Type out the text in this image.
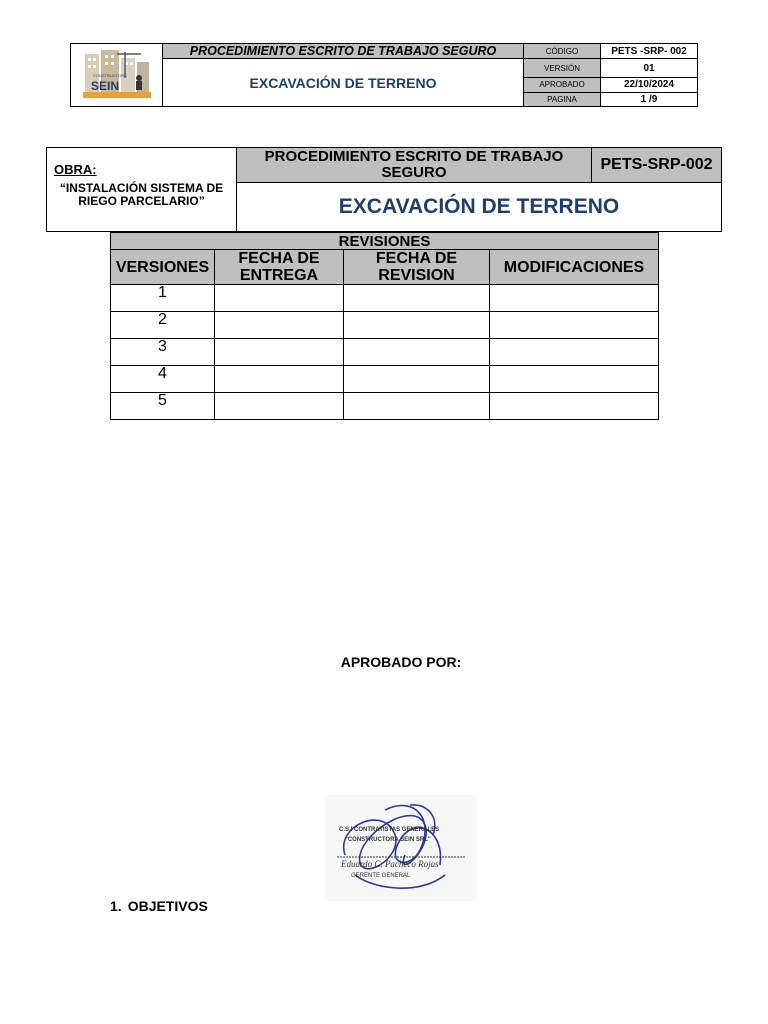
CONSTRUCTORA
SEIN	PROCEDIMIENTO ESCRITO DE TRABAJO SEGURO	CÓDIGO	PETS -SRP- 002
	EXCAVACIÓN DE TERRENO	VERSIÓN	01
		APROBADO	22/10/2024
		PAGINA	1 /9
OBRA:
“INSTALACIÓN SISTEMA DE RIEGO PARCELARIO”
	PROCEDIMIENTO ESCRITO DE TRABAJO SEGURO	PETS-SRP-002
EXCAVACIÓN DE TERRENO
REVISIONES			
VERSIONES	FECHA DE ENTREGA	FECHA DE REVISION	MODIFICACIONES
1			
2			
3			
4			
5			
APROBADO POR:
C.S.I CONTRATISTAS GENERALES
"CONSTRUCTORA SEIN SRL"
Eduardo C. Pacheco Rojas
GERENTE GENERAL
1. OBJETIVOS
